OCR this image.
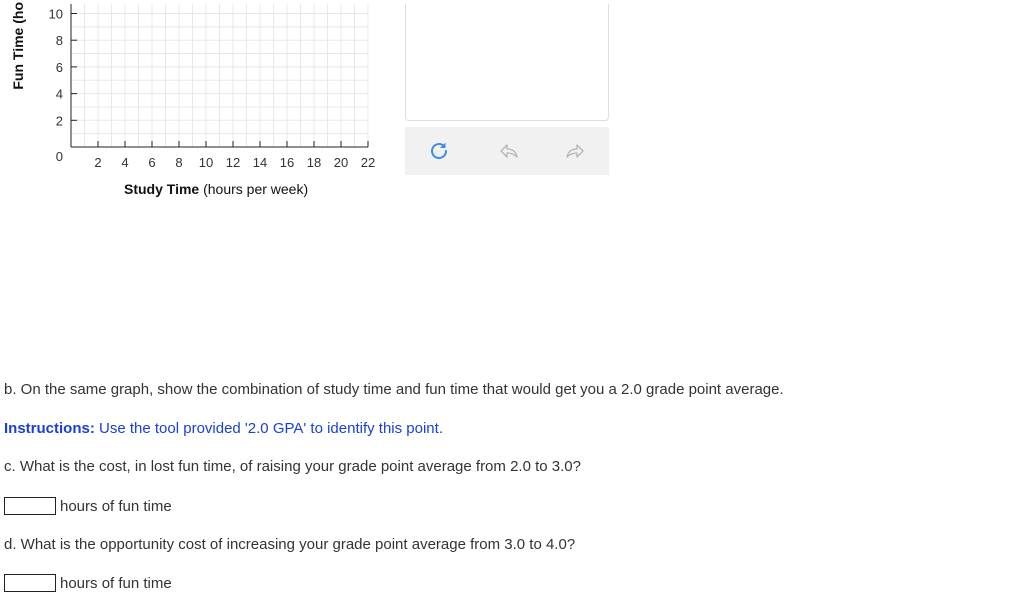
Fun Time (ho 10
8
6
4
2
0 2 4 6 8 10 12 14 16 18 20 22
Study Time (hours per week)
b. On the same graph, show the combination of study time and fun time that would get you a 2.0 grade point average.
Instructions: Use the tool provided '2.0 GPA' to identify this point.
c. What is the cost, in lost fun time, of raising your grade point average from 2.0 to 3.0?
hours of fun time
d. What is the opportunity cost of increasing your grade point average from 3.0 to 4.0?
hours of fun time
